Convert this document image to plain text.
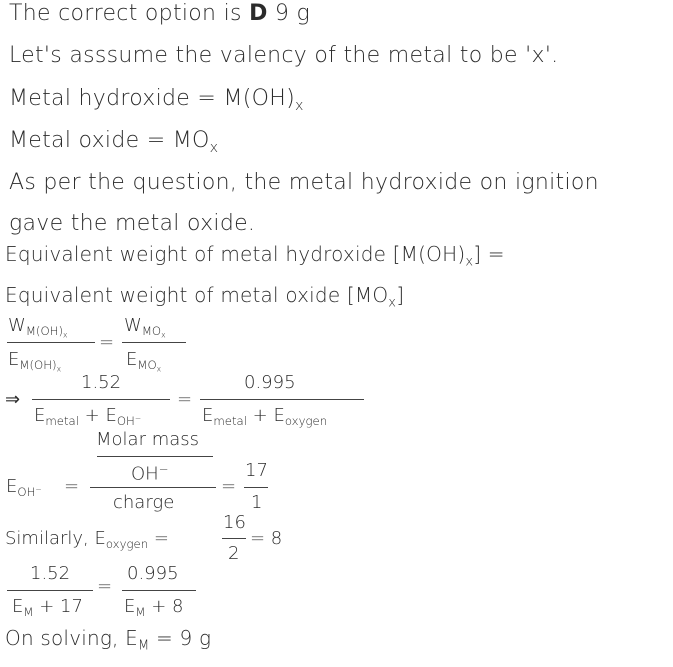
The correct option is D 9 g
Let's asssume the valency of the metal to be 'x'.
Metal hydroxide = $M(OH)_x$
Metal oxide = $MO_x$
As per the question, the metal hydroxide on ignition
gave the metal oxide.
Equivalent weight of metal hydroxide $[M(OH)_x]$ =
Equivalent weight of metal oxide $[MO_x]$
$W_{M(OH)_x}$
$E_{M(OH)_x}$
=
$W_{MO_x}$
$E_{MO_x}$
⇒
1.52
$E_{metal} + E_{OH^-}$
=
0.995
$E_{metal} + E_{oxygen}$
Molar mass
OH−
$E_{OH^-}$ =
charge
=
17
1
Similarly, $E_{oxygen}$ =
16
2
= 8
1.52
$E_M + 17$
=
0.995
$E_M + 8$
On solving, $E_M = 9$ g
